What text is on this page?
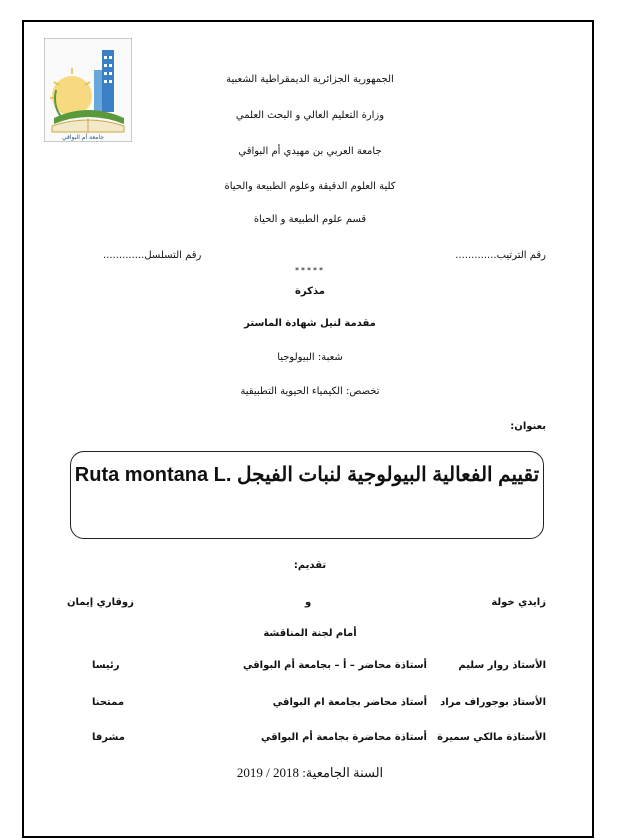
جامعة أم البواقي
الجمهورية الجزائرية الديمقراطية الشعبية
وزارة التعليم العالي و البحث العلمي
جامعة العربي بن مهيدي أم البواقي
كلية العلوم الدقيقة وعلوم الطبيعة والحياة
قسم علوم الطبيعة و الحياة
رقم الترتيب.............
رقم التسلسل.............
*****
مذكرة
مقدمة لنيل شهادة الماستر
شعبة: البيولوجيا
تخصص: الكيمياء الحيوية التطبيقية
بعنوان:
تقييم الفعالية البيولوجية لنبات الفيجل Ruta montana L.
تقديم:
زايدي خولة
و
زوقاري إيمان
أمام لجنة المناقشة
الأستاذ روار سليم
أستاذة محاضر – أ – بجامعة أم البواقي
رئيسا
الأستاذ بوجوراف مراد
أستاذ محاضر بجامعة ام البواقي
ممتحنا
الأستاذة مالكي سميرة
أستاذة محاضرة بجامعة أم البواقي
مشرفا
السنة الجامعية: 2018 / 2019
